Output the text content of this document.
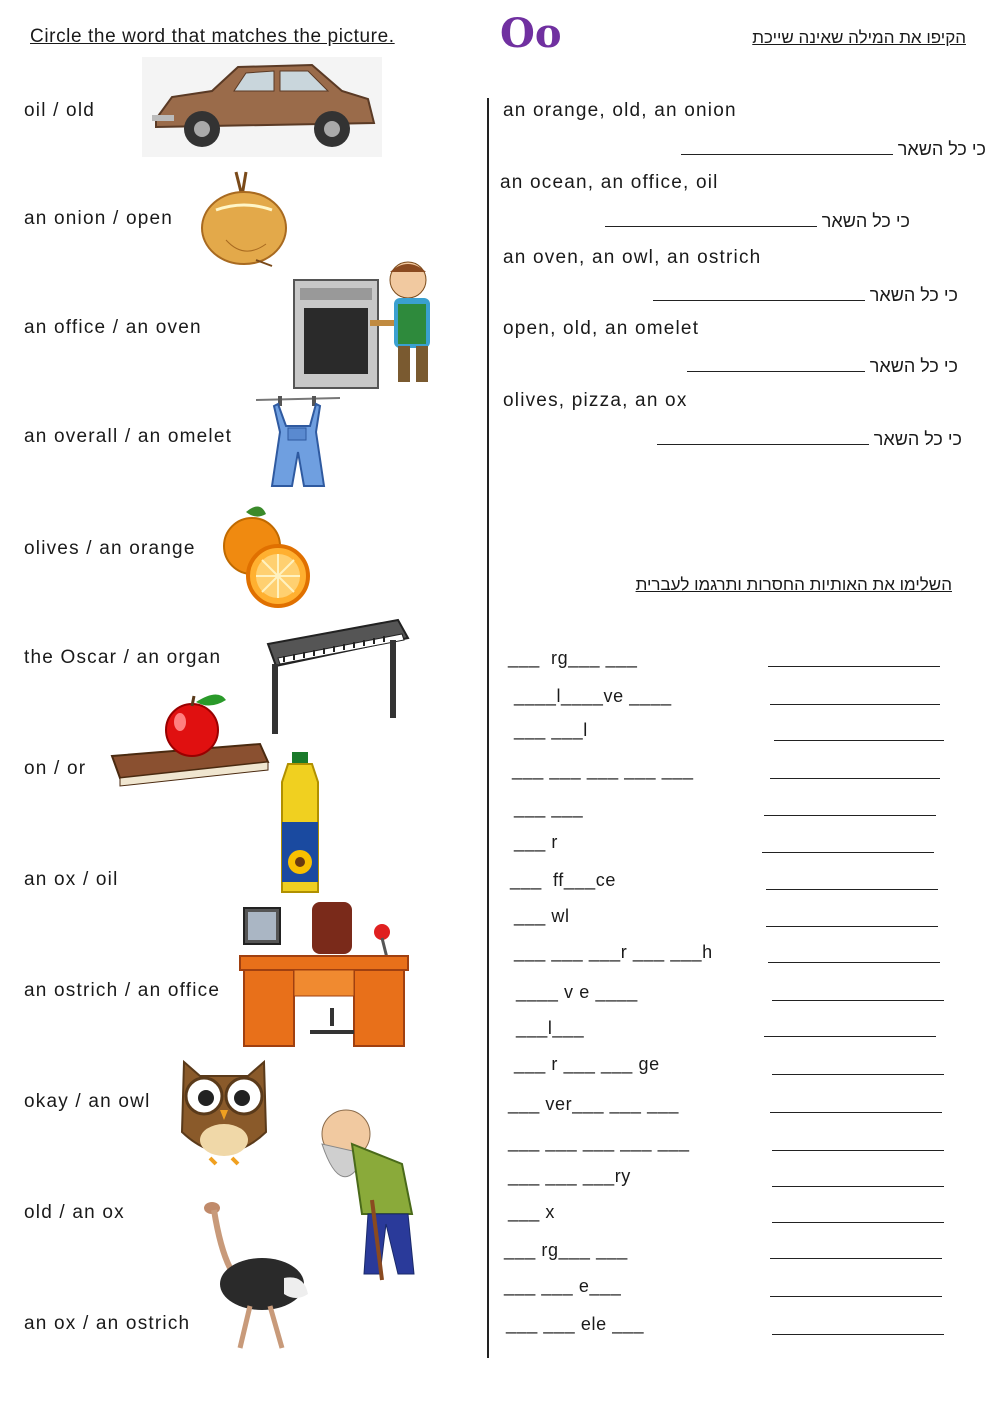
Circle the word that matches the picture.	Oo	הקיפו את המילה שאינה שייכת
oil / old
an onion / open
an office / an oven
an overall / an omelet
olives / an orange
the Oscar / an organ
on / or
an ox / oil
an ostrich / an office
okay / an owl
old / an ox
an ox / an ostrich
an orange, old, an onion
כי כל השאר
an ocean, an office, oil
כי כל השאר
an oven, an owl, an ostrich
כי כל השאר
open, old, an omelet
כי כל השאר
olives, pizza, an ox
כי כל השאר
השלימו את האותיות החסרות ותרגמו לעברית
___  rg___ ___
____l____ve ____
___ ___l
___ ___ ___ ___ ___
___ ___
___ r
___  ff___ce
___ wl
___ ___ ___r ___ ___h
____ v e ____
___l___
___ r ___ ___ ge
___ ver___ ___ ___
___ ___ ___ ___ ___
___ ___ ___ry
___ x
___ rg___ ___
___ ___ e___
___ ___ ele ___
